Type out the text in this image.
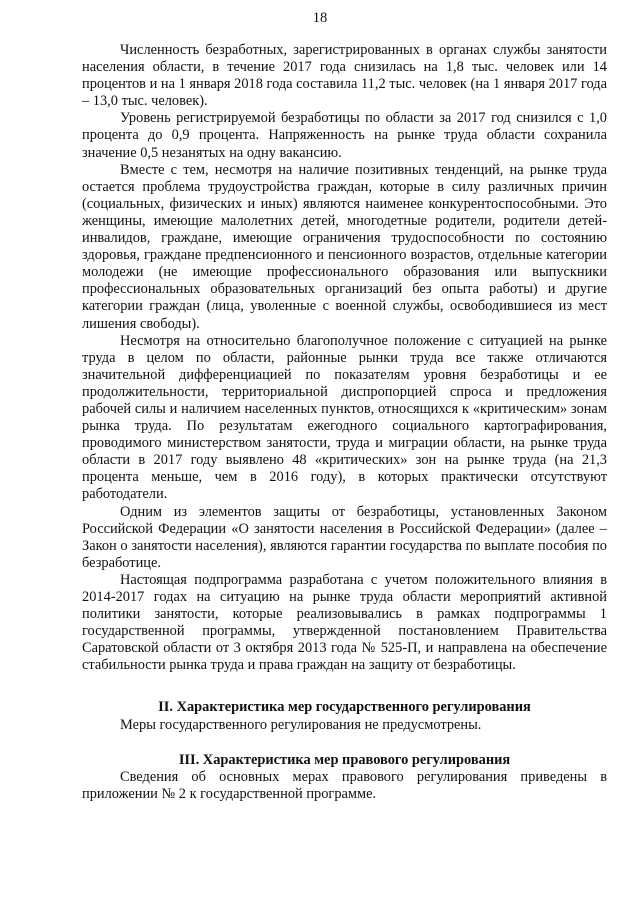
18

Численность безработных, зарегистрированных в органах службы занятости населения области, в течение 2017 года снизилась на 1,8 тыс. человек или 14 процентов и на 1 января 2018 года составила 11,2 тыс. человек (на 1 января 2017 года – 13,0 тыс. человек).

Уровень регистрируемой безработицы по области за 2017 год снизился с 1,0 процента до 0,9 процента. Напряженность на рынке труда области сохранила значение 0,5 незанятых на одну вакансию.

Вместе с тем, несмотря на наличие позитивных тенденций, на рынке труда остается проблема трудоустройства граждан, которые в силу различных причин (социальных, физических и иных) являются наименее конкурентоспособными. Это женщины, имеющие малолетних детей, многодетные родители, родители детей-инвалидов, граждане, имеющие ограничения трудоспособности по состоянию здоровья, граждане предпенсионного и пенсионного возрастов, отдельные категории молодежи (не имеющие профессионального образования или выпускники профессиональных образовательных организаций без опыта работы) и другие категории граждан (лица, уволенные с военной службы, освободившиеся из мест лишения свободы).

Несмотря на относительно благополучное положение с ситуацией на рынке труда в целом по области, районные рынки труда все также отличаются значительной дифференциацией по показателям уровня безработицы и ее продолжительности, территориальной диспропорцией спроса и предложения рабочей силы и наличием населенных пунктов, относящихся к «критическим» зонам рынка труда. По результатам ежегодного социального картографирования, проводимого министерством занятости, труда и миграции области, на рынке труда области в 2017 году выявлено 48 «критических» зон на рынке труда (на 21,3 процента меньше, чем в 2016 году), в которых практически отсутствуют работодатели.

Одним из элементов защиты от безработицы, установленных Законом Российской Федерации «О занятости населения в Российской Федерации» (далее – Закон о занятости населения), являются гарантии государства по выплате пособия по безработице.

Настоящая подпрограмма разработана с учетом положительного влияния в 2014-2017 годах на ситуацию на рынке труда области мероприятий активной политики занятости, которые реализовывались в рамках подпрограммы 1 государственной программы, утвержденной постановлением Правительства Саратовской области от 3 октября 2013 года № 525-П, и направлена на обеспечение стабильности рынка труда и права граждан на защиту от безработицы.

II. Характеристика мер государственного регулирования

Меры государственного регулирования не предусмотрены.

III. Характеристика мер правового регулирования

Сведения об основных мерах правового регулирования приведены в приложении № 2 к государственной программе.
